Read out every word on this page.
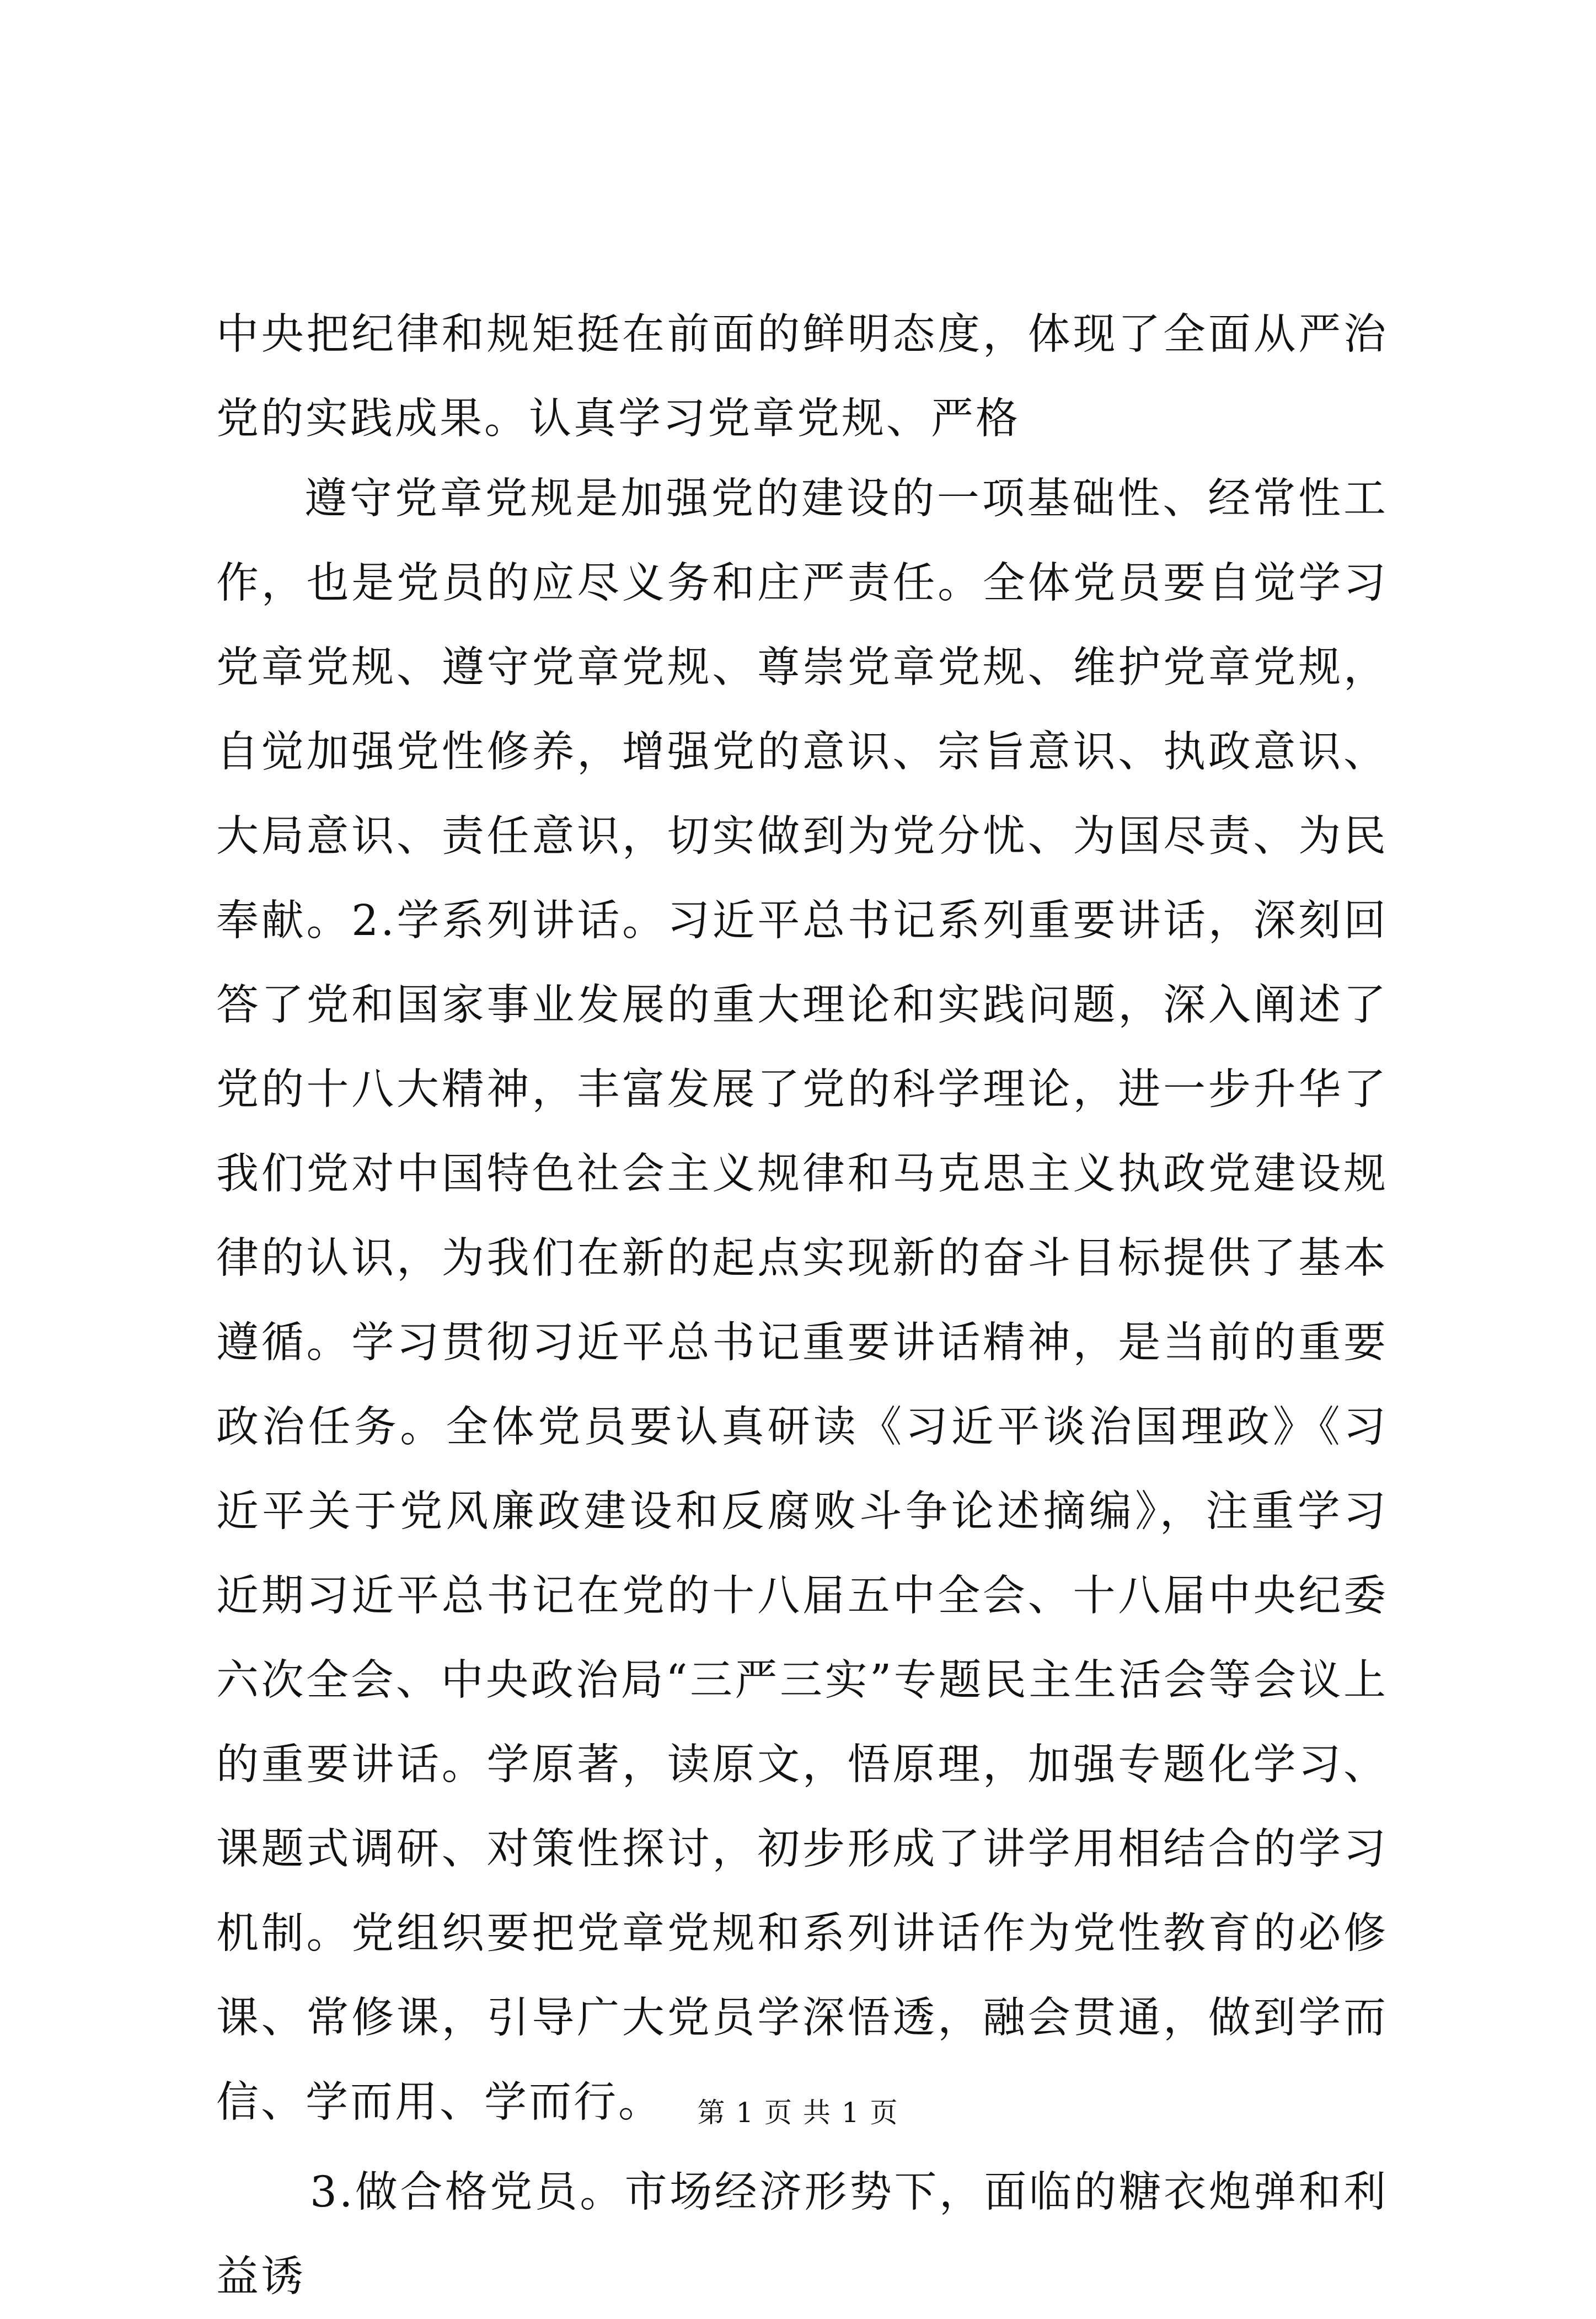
中央把纪律和规矩挺在前面的鲜明态度，体现了全面从严治党的实践成果。认真学习党章党规、严格

遵守党章党规是加强党的建设的一项基础性、经常性工作，也是党员的应尽义务和庄严责任。全体党员要自觉学习党章党规、遵守党章党规、尊崇党章党规、维护党章党规，自觉加强党性修养，增强党的意识、宗旨意识、执政意识、大局意识、责任意识，切实做到为党分忧、为国尽责、为民奉献。2.学系列讲话。习近平总书记系列重要讲话，深刻回答了党和国家事业发展的重大理论和实践问题，深入阐述了党的十八大精神，丰富发展了党的科学理论，进一步升华了我们党对中国特色社会主义规律和马克思主义执政党建设规律的认识，为我们在新的起点实现新的奋斗目标提供了基本遵循。学习贯彻习近平总书记重要讲话精神，是当前的重要政治任务。全体党员要认真研读《习近平谈治国理政》《习近平关于党风廉政建设和反腐败斗争论述摘编》，注重学习近期习近平总书记在党的十八届五中全会、十八届中央纪委六次全会、中央政治局“三严三实”专题民主生活会等会议上的重要讲话。学原著，读原文，悟原理，加强专题化学习、课题式调研、对策性探讨，初步形成了讲学用相结合的学习机制。党组织要把党章党规和系列讲话作为党性教育的必修课、常修课，引导广大党员学深悟透，融会贯通，做到学而信、学而用、学而行。

3.做合格党员。市场经济形势下，面临的糖衣炮弹和利益诱

第 1 页 共 1 页
